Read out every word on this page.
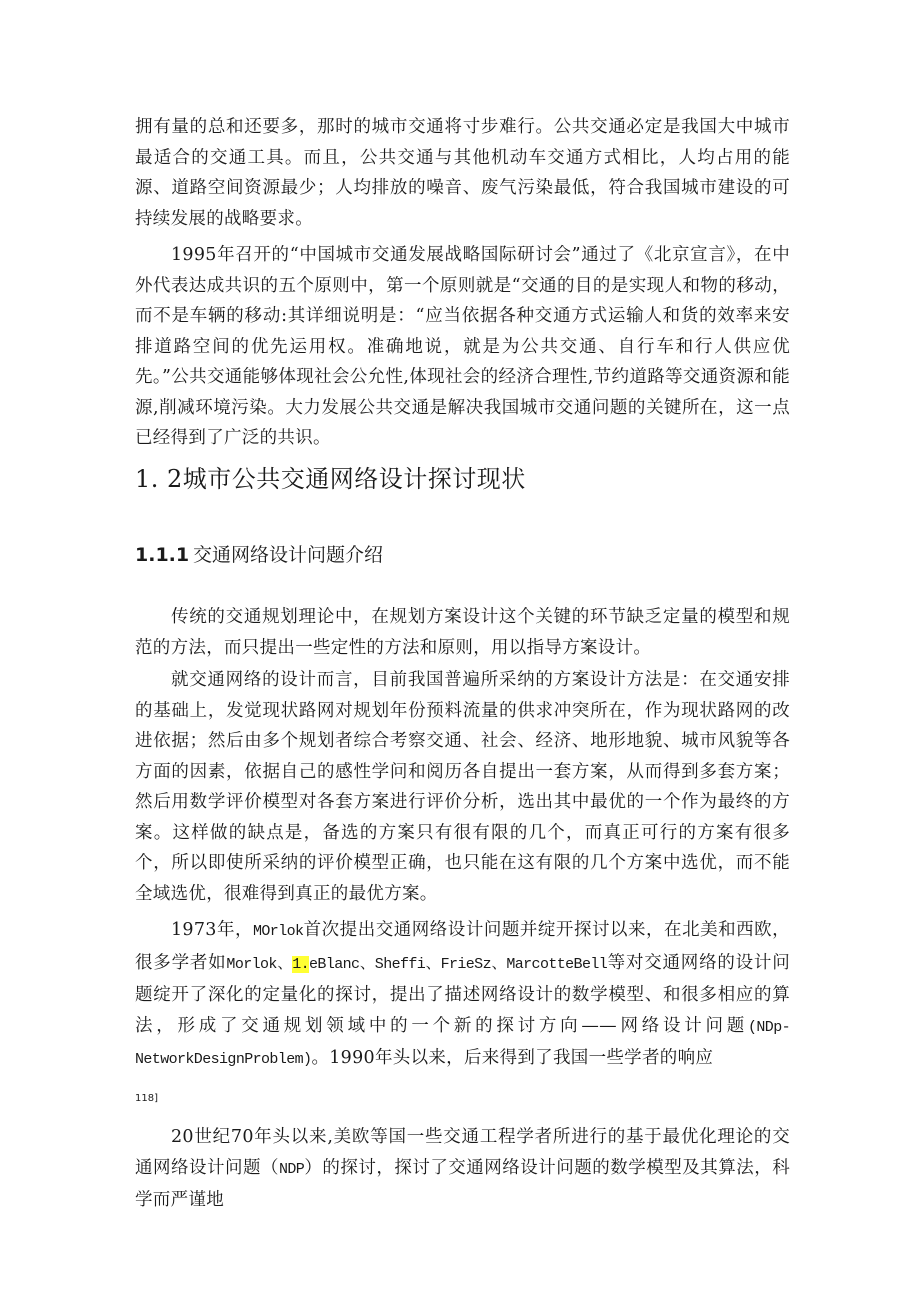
拥有量的总和还要多，那时的城市交通将寸步难行。公共交通必定是我国大中城市最适合的交通工具。而且，公共交通与其他机动车交通方式相比，人均占用的能源、道路空间资源最少；人均排放的噪音、废气污染最低，符合我国城市建设的可持续发展的战略要求。

1995年召开的“中国城市交通发展战略国际研讨会”通过了《北京宣言》，在中外代表达成共识的五个原则中，第一个原则就是“交通的目的是实现人和物的移动，而不是车辆的移动:其详细说明是：“应当依据各种交通方式运输人和货的效率来安排道路空间的优先运用权。准确地说，就是为公共交通、自行车和行人供应优先。”公共交通能够体现社会公允性,体现社会的经济合理性,节约道路等交通资源和能源,削减环境污染。大力发展公共交通是解决我国城市交通问题的关键所在，这一点已经得到了广泛的共识。

1. 2城市公共交通网络设计探讨现状
1.1.1 交通网络设计问题介绍

传统的交通规划理论中，在规划方案设计这个关键的环节缺乏定量的模型和规范的方法，而只提出一些定性的方法和原则，用以指导方案设计。

就交通网络的设计而言，目前我国普遍所采纳的方案设计方法是：在交通安排的基础上，发觉现状路网对规划年份预料流量的供求冲突所在，作为现状路网的改进依据；然后由多个规划者综合考察交通、社会、经济、地形地貌、城市风貌等各方面的因素，依据自己的感性学问和阅历各自提出一套方案，从而得到多套方案；然后用数学评价模型对各套方案进行评价分析，选出其中最优的一个作为最终的方案。这样做的缺点是，备选的方案只有很有限的几个，而真正可行的方案有很多个，所以即使所采纳的评价模型正确，也只能在这有限的几个方案中选优，而不能全域选优，很难得到真正的最优方案。

1973年，MOrlok首次提出交通网络设计问题并绽开探讨以来，在北美和西欧，很多学者如Morlok、1.eBlanc、Sheffi、FrieSz、MarcotteBell等对交通网络的设计问题绽开了深化的定量化的探讨，提出了描述网络设计的数学模型、和很多相应的算法，形成了交通规划领域中的一个新的探讨方向——网络设计问题(NDp-NetworkDesignProblem)。1990年头以来，后来得到了我国一些学者的响应

118]

20世纪70年头以来,美欧等国一些交通工程学者所进行的基于最优化理论的交通网络设计问题（NDP）的探讨，探讨了交通网络设计问题的数学模型及其算法，科学而严谨地
